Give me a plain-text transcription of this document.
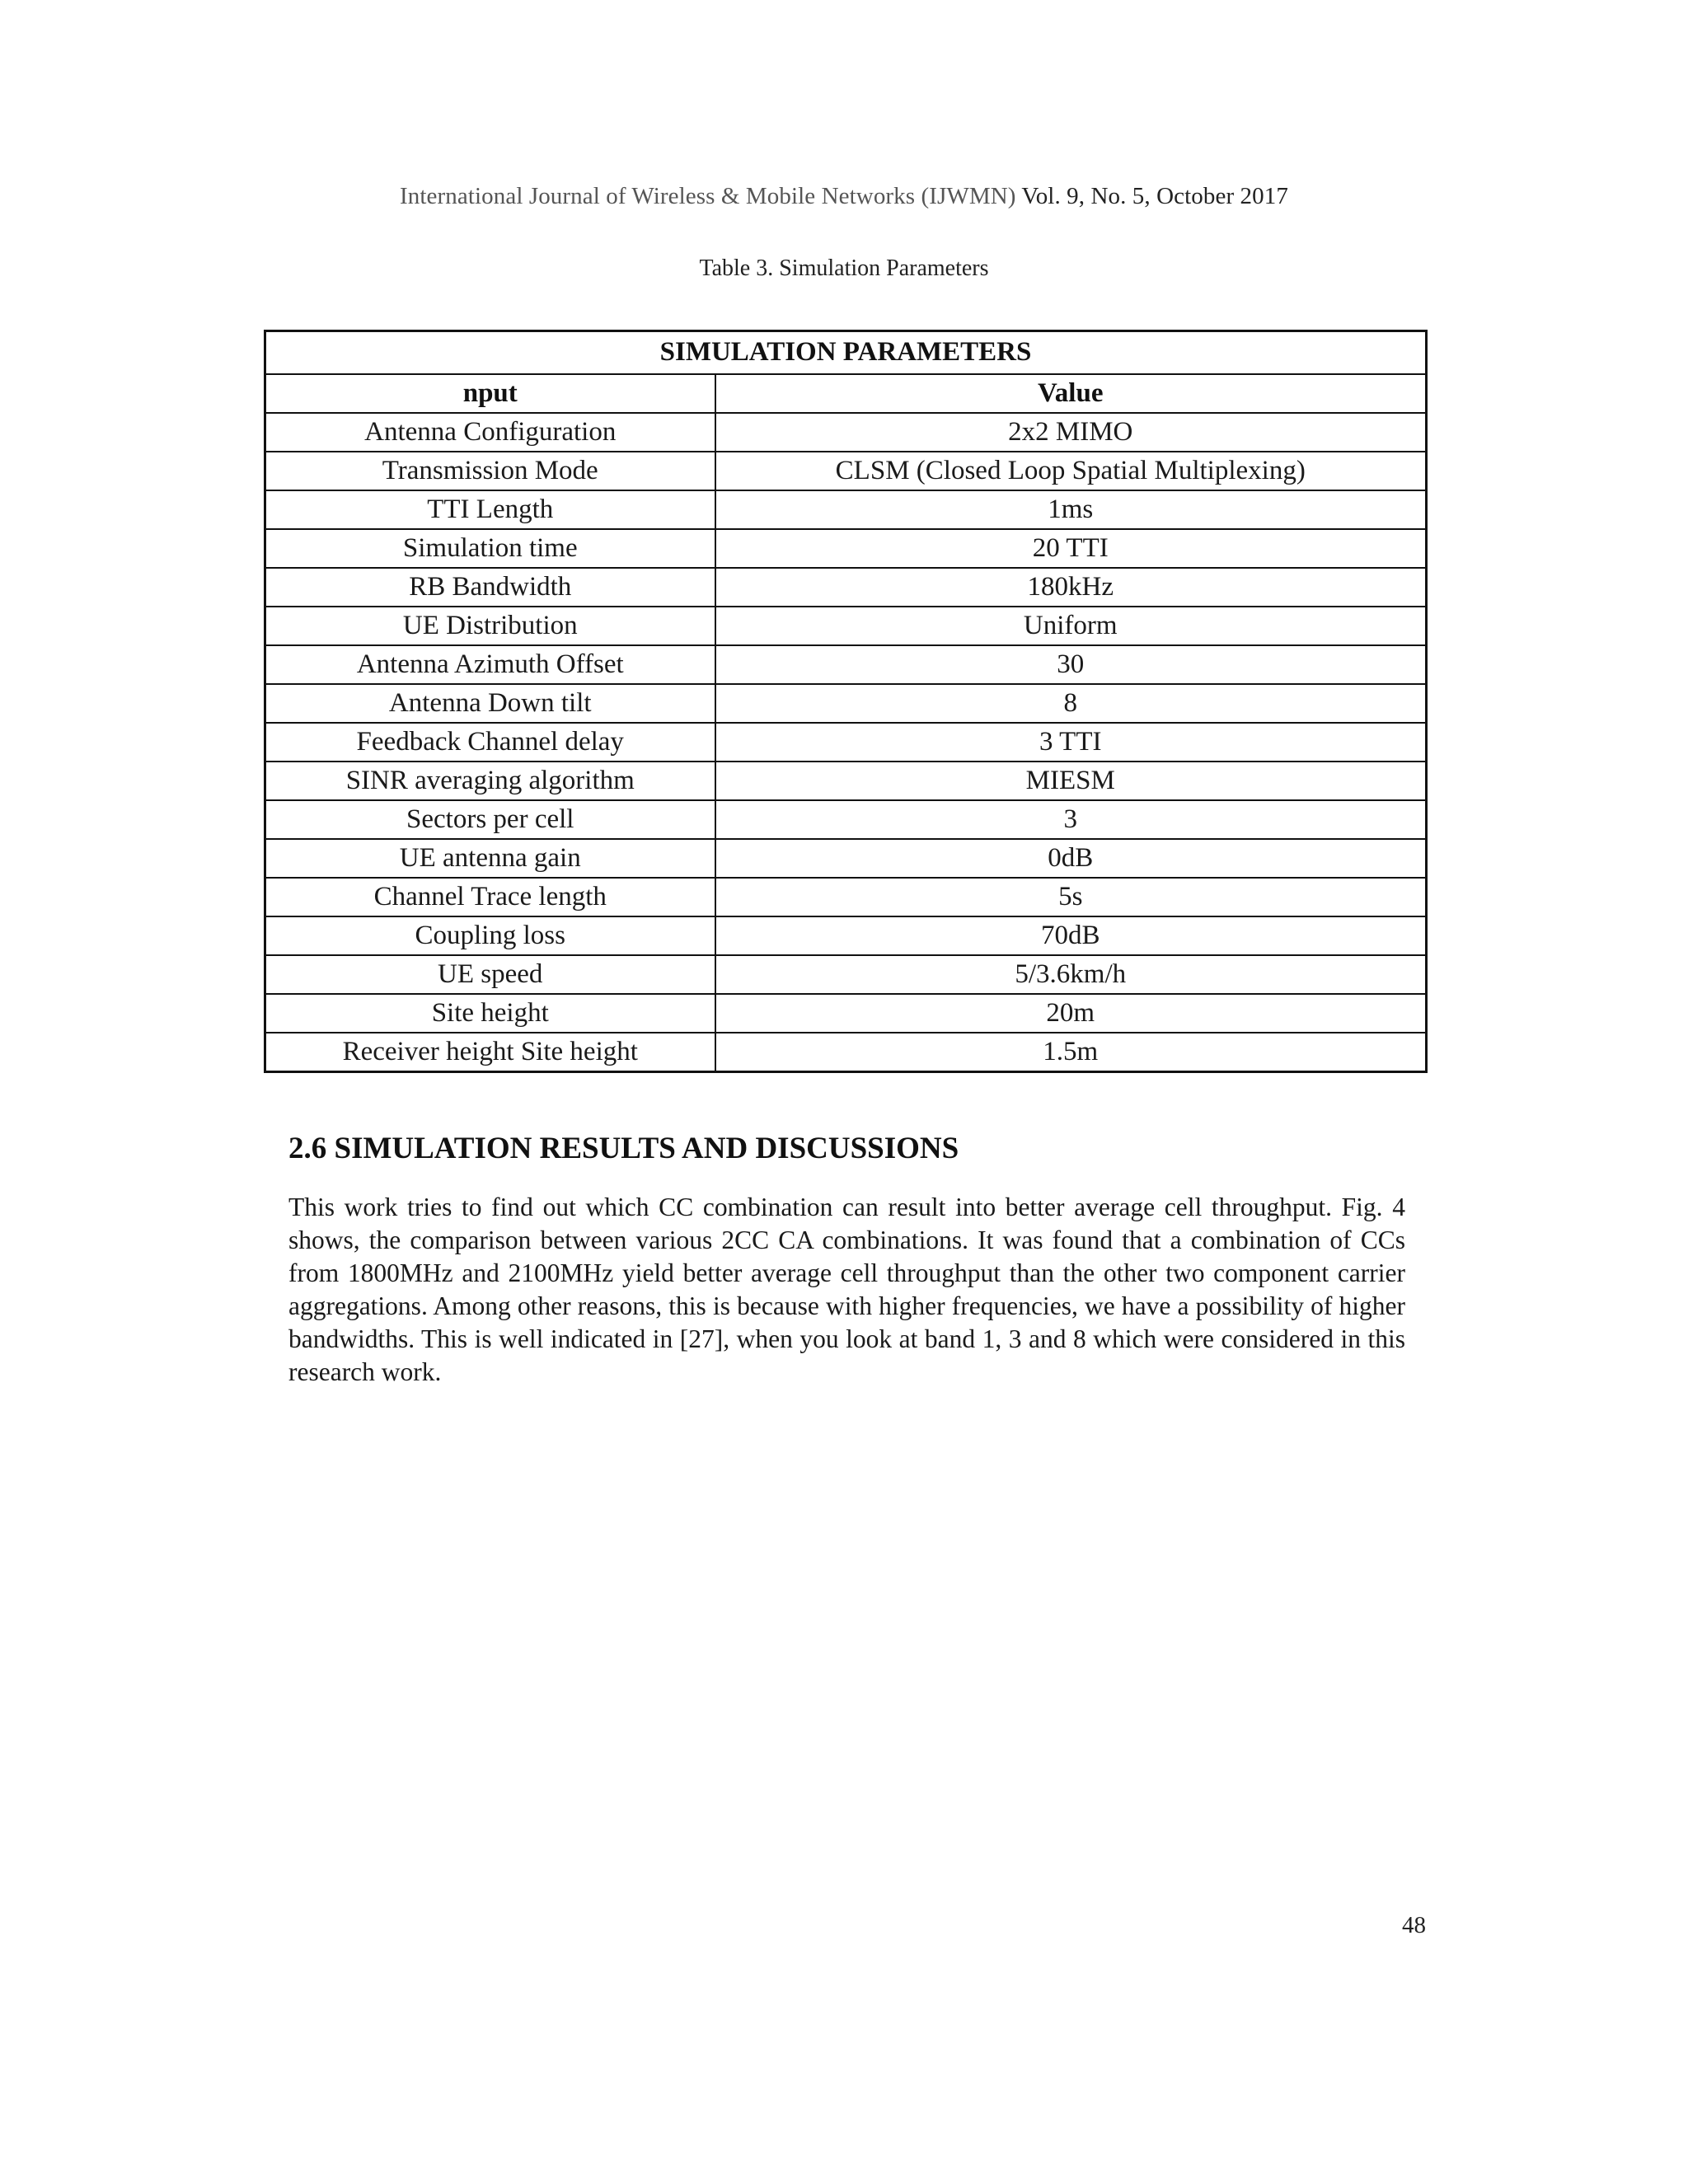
International Journal of Wireless & Mobile Networks (IJWMN) Vol. 9, No. 5, October 2017
Table 3. Simulation Parameters
SIMULATION PARAMETERS	
nput	Value
Antenna Configuration	2x2 MIMO
Transmission Mode	CLSM (Closed Loop Spatial Multiplexing)
TTI Length	1ms
Simulation time	20 TTI
RB Bandwidth	180kHz
UE Distribution	Uniform
Antenna Azimuth Offset	30
Antenna Down tilt	8
Feedback Channel delay	3 TTI
SINR averaging algorithm	MIESM
Sectors per cell	3
UE antenna gain	0dB
Channel Trace length	5s
Coupling loss	70dB
UE speed	5/3.6km/h
Site height	20m
Receiver height Site height	1.5m
2.6 SIMULATION RESULTS AND DISCUSSIONS

This work tries to find out which CC combination can result into better average cell throughput. Fig. 4 shows, the comparison between various 2CC CA combinations. It was found that a combination of CCs from 1800MHz and 2100MHz yield better average cell throughput than the other two component carrier aggregations. Among other reasons, this is because with higher frequencies, we have a possibility of higher bandwidths. This is well indicated in [27], when you look at band 1, 3 and 8 which were considered in this research work.

48
